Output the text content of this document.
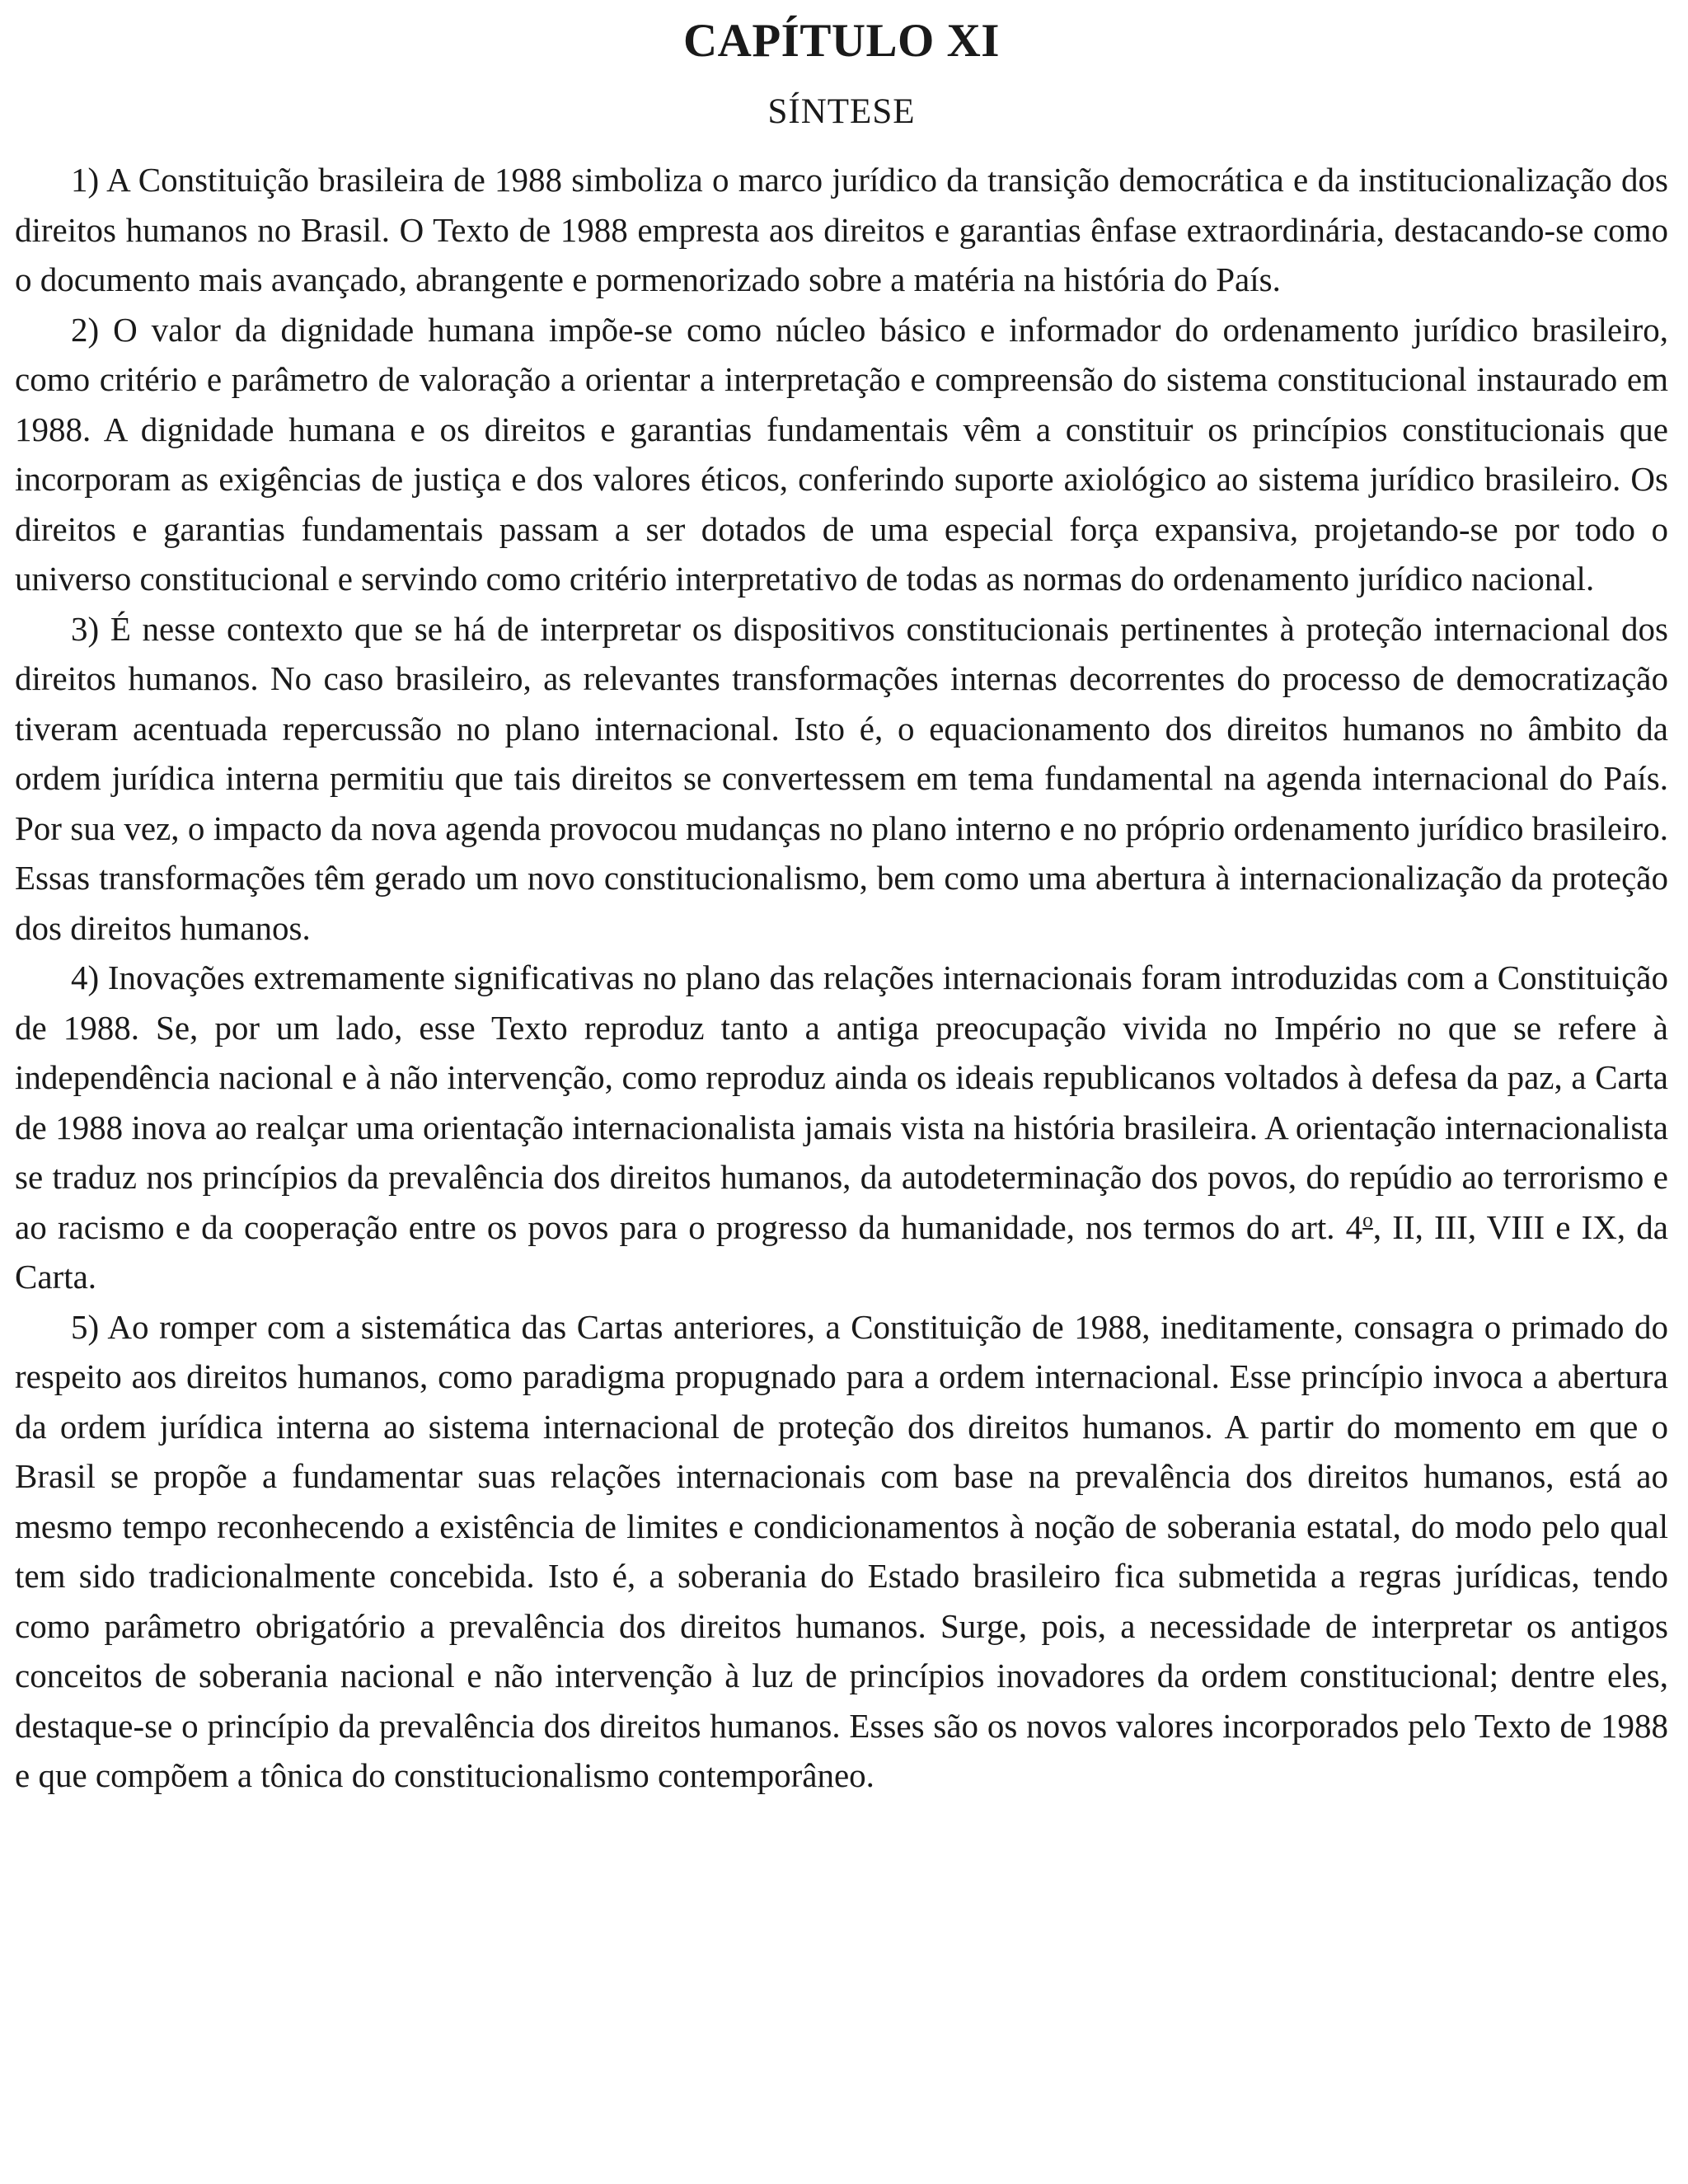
CAPÍTULO XI
SÍNTESE

1) A Constituição brasileira de 1988 simboliza o marco jurídico da transição democrática e da institucionalização dos direitos humanos no Brasil. O Texto de 1988 empresta aos direitos e garantias ênfase extraordinária, destacando-se como o documento mais avançado, abrangente e pormenorizado sobre a matéria na história do País.

2) O valor da dignidade humana impõe-se como núcleo básico e informador do ordenamento jurídico brasileiro, como critério e parâmetro de valoração a orientar a interpretação e compreensão do sistema constitucional instaurado em 1988. A dignidade humana e os direitos e garantias fundamentais vêm a constituir os princípios constitucionais que incorporam as exigências de justiça e dos valores éticos, conferindo suporte axiológico ao sistema jurídico brasileiro. Os direitos e garantias fundamentais passam a ser dotados de uma especial força expansiva, projetando-se por todo o universo constitucional e servindo como critério interpretativo de todas as normas do ordenamento jurídico nacional.

3) É nesse contexto que se há de interpretar os dispositivos constitucionais pertinentes à proteção internacional dos direitos humanos. No caso brasileiro, as relevantes transformações internas decorrentes do processo de democratização tiveram acentuada repercussão no plano internacional. Isto é, o equacionamento dos direitos humanos no âmbito da ordem jurídica interna permitiu que tais direitos se convertessem em tema fundamental na agenda internacional do País. Por sua vez, o impacto da nova agenda provocou mudanças no plano interno e no próprio ordenamento jurídico brasileiro. Essas transformações têm gerado um novo constitucionalismo, bem como uma abertura à internacionalização da proteção dos direitos humanos.

4) Inovações extremamente significativas no plano das relações internacionais foram introduzidas com a Constituição de 1988. Se, por um lado, esse Texto reproduz tanto a antiga preocupação vivida no Império no que se refere à independência nacional e à não intervenção, como reproduz ainda os ideais republicanos voltados à defesa da paz, a Carta de 1988 inova ao realçar uma orientação internacionalista jamais vista na história brasileira. A orientação internacionalista se traduz nos princípios da prevalência dos direitos humanos, da autodeterminação dos povos, do repúdio ao terrorismo e ao racismo e da cooperação entre os povos para o progresso da humanidade, nos termos do art. 4$^o$, II, III, VIII e IX, da Carta.

5) Ao romper com a sistemática das Cartas anteriores, a Constituição de 1988, ineditamente, consagra o primado do respeito aos direitos humanos, como paradigma propugnado para a ordem internacional. Esse princípio invoca a abertura da ordem jurídica interna ao sistema internacional de proteção dos direitos humanos. A partir do momento em que o Brasil se propõe a fundamentar suas relações internacionais com base na prevalência dos direitos humanos, está ao mesmo tempo reconhecendo a existência de limites e condicionamentos à noção de soberania estatal, do modo pelo qual tem sido tradicionalmente concebida. Isto é, a soberania do Estado brasileiro fica submetida a regras jurídicas, tendo como parâmetro obrigatório a prevalência dos direitos humanos. Surge, pois, a necessidade de interpretar os antigos conceitos de soberania nacional e não intervenção à luz de princípios inovadores da ordem constitucional; dentre eles, destaque-se o princípio da prevalência dos direitos humanos. Esses são os novos valores incorporados pelo Texto de 1988 e que compõem a tônica do constitucionalismo contemporâneo.
